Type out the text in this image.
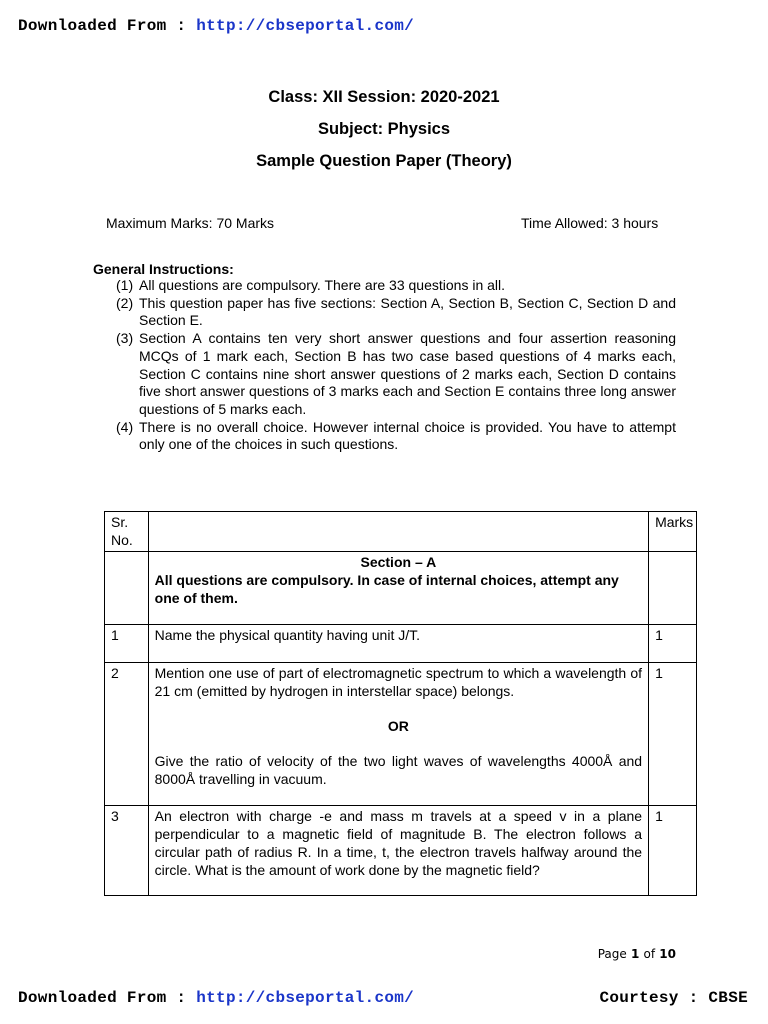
Downloaded From : http://cbseportal.com/
Class: XII Session: 2020-2021
Subject: Physics
Sample Question Paper (Theory)
Maximum Marks: 70 Marks	Time Allowed: 3 hours
General Instructions:
(1) All questions are compulsory. There are 33 questions in all.
(2) This question paper has five sections: Section A, Section B, Section C, Section D and Section E.
(3) Section A contains ten very short answer questions and four assertion reasoning MCQs of 1 mark each, Section B has two case based questions of 4 marks each, Section C contains nine short answer questions of 2 marks each, Section D contains five short answer questions of 3 marks each and Section E contains three long answer questions of 5 marks each.
(4) There is no overall choice. However internal choice is provided. You have to attempt only one of the choices in such questions.
Sr. No.		Marks

	Section – A
All questions are compulsory. In case of internal choices, attempt any one of them.	

1	Name the physical quantity having unit J/T.	1
2	Mention one use of part of electromagnetic spectrum to which a wavelength of 21 cm (emitted by hydrogen in interstellar space) belongs.
OR
Give the ratio of velocity of the two light waves of wavelengths 4000Å and 8000Å travelling in vacuum.	1
3	An electron with charge -e and mass m travels at a speed v in a plane perpendicular to a magnetic field of magnitude B. The electron follows a circular path of radius R. In a time, t, the electron travels halfway around the circle. What is the amount of work done by the magnetic field?	1
Page 1 of 10
Downloaded From : http://cbseportal.com/	Courtesy : CBSE
